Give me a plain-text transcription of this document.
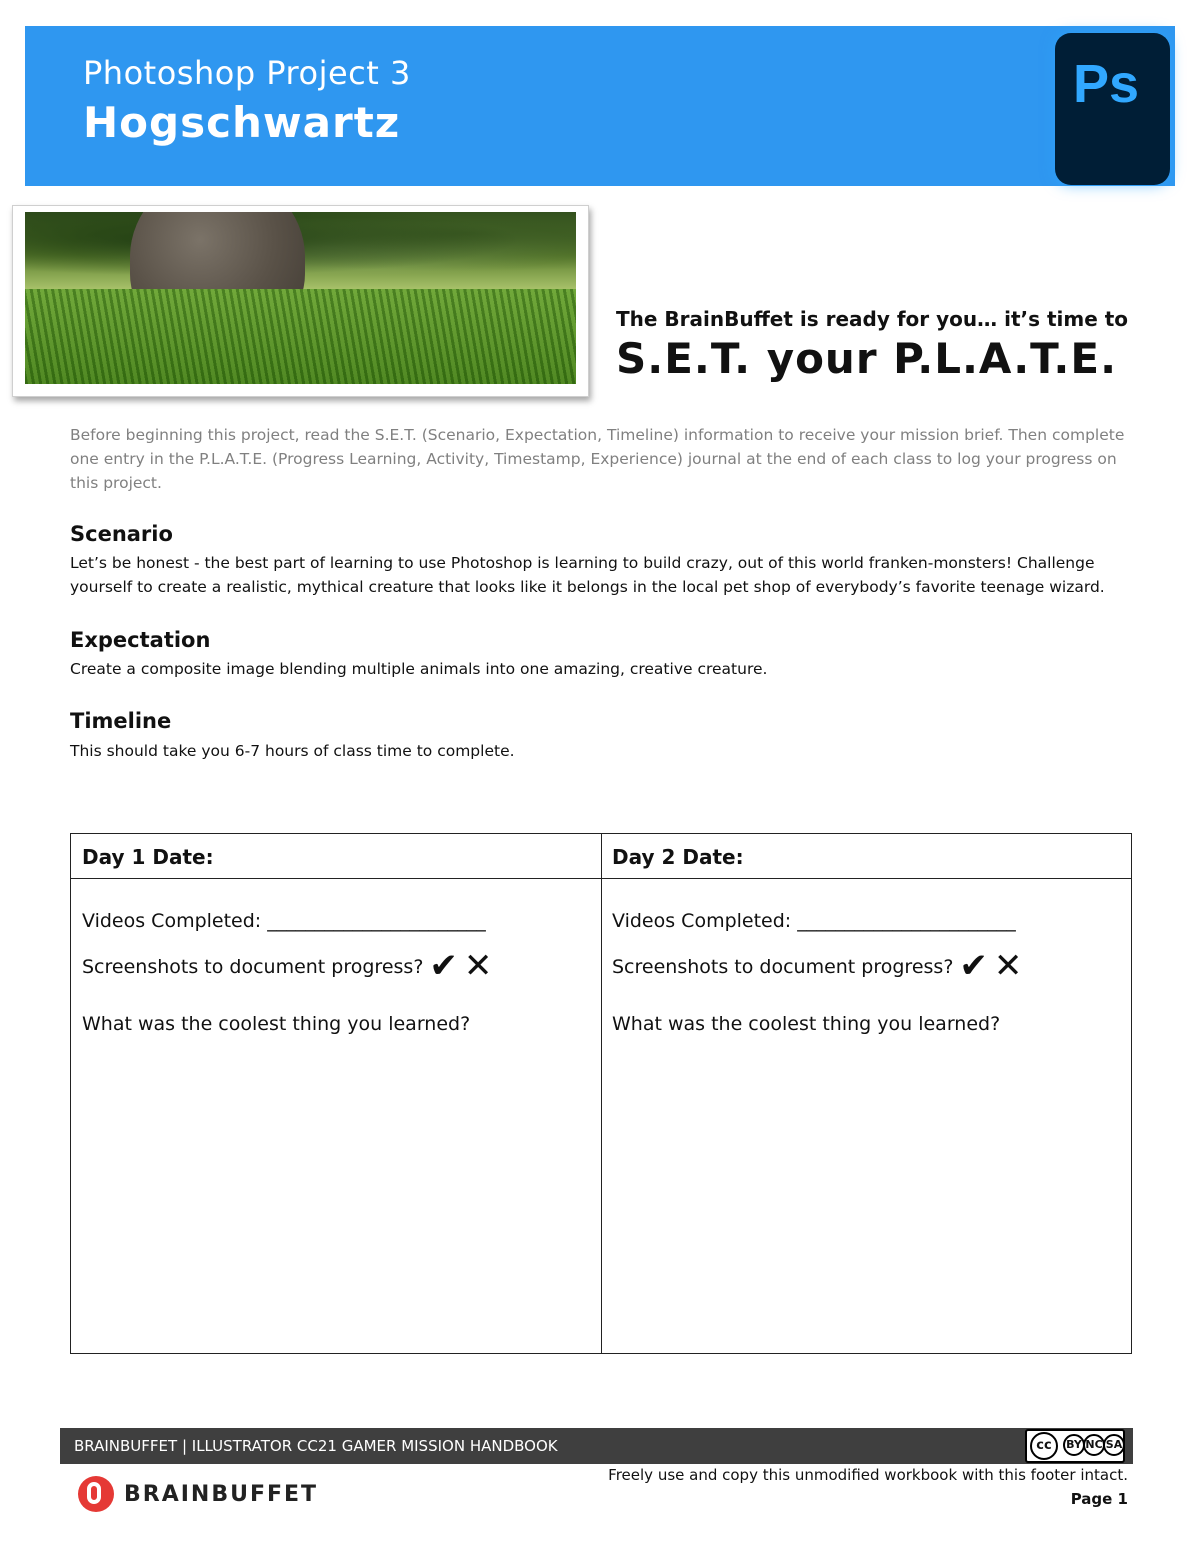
Photoshop Project 3
Hogschwartz
Ps
The BrainBuffet is ready for you… it’s time to
S.E.T. your P.L.A.T.E.
Before beginning this project, read the S.E.T. (Scenario, Expectation, Timeline) information to receive your mission brief. Then complete one entry in the P.L.A.T.E. (Progress Learning, Activity, Timestamp, Experience) journal at the end of each class to log your progress on this project.
Scenario
Let’s be honest - the best part of learning to use Photoshop is learning to build crazy, out of this world franken-monsters! Challenge yourself to create a realistic, mythical creature that looks like it belongs in the local pet shop of everybody’s favorite teenage wizard.
Expectation
Create a composite image blending multiple animals into one amazing, creative creature.
Timeline
This should take you 6-7 hours of class time to complete.
Day 1 Date:
Videos Completed: _______________________
Screenshots to document progress? ✔ ✕
What was the coolest thing you learned?
Day 2 Date:
Videos Completed: _______________________
Screenshots to document progress? ✔ ✕
What was the coolest thing you learned?
BRAINBUFFET | ILLUSTRATOR CC21 GAMER MISSION HANDBOOK	cc	BY NC SA
BRAINBUFFET
Freely use and copy this unmodified workbook with this footer intact.
Page 1
